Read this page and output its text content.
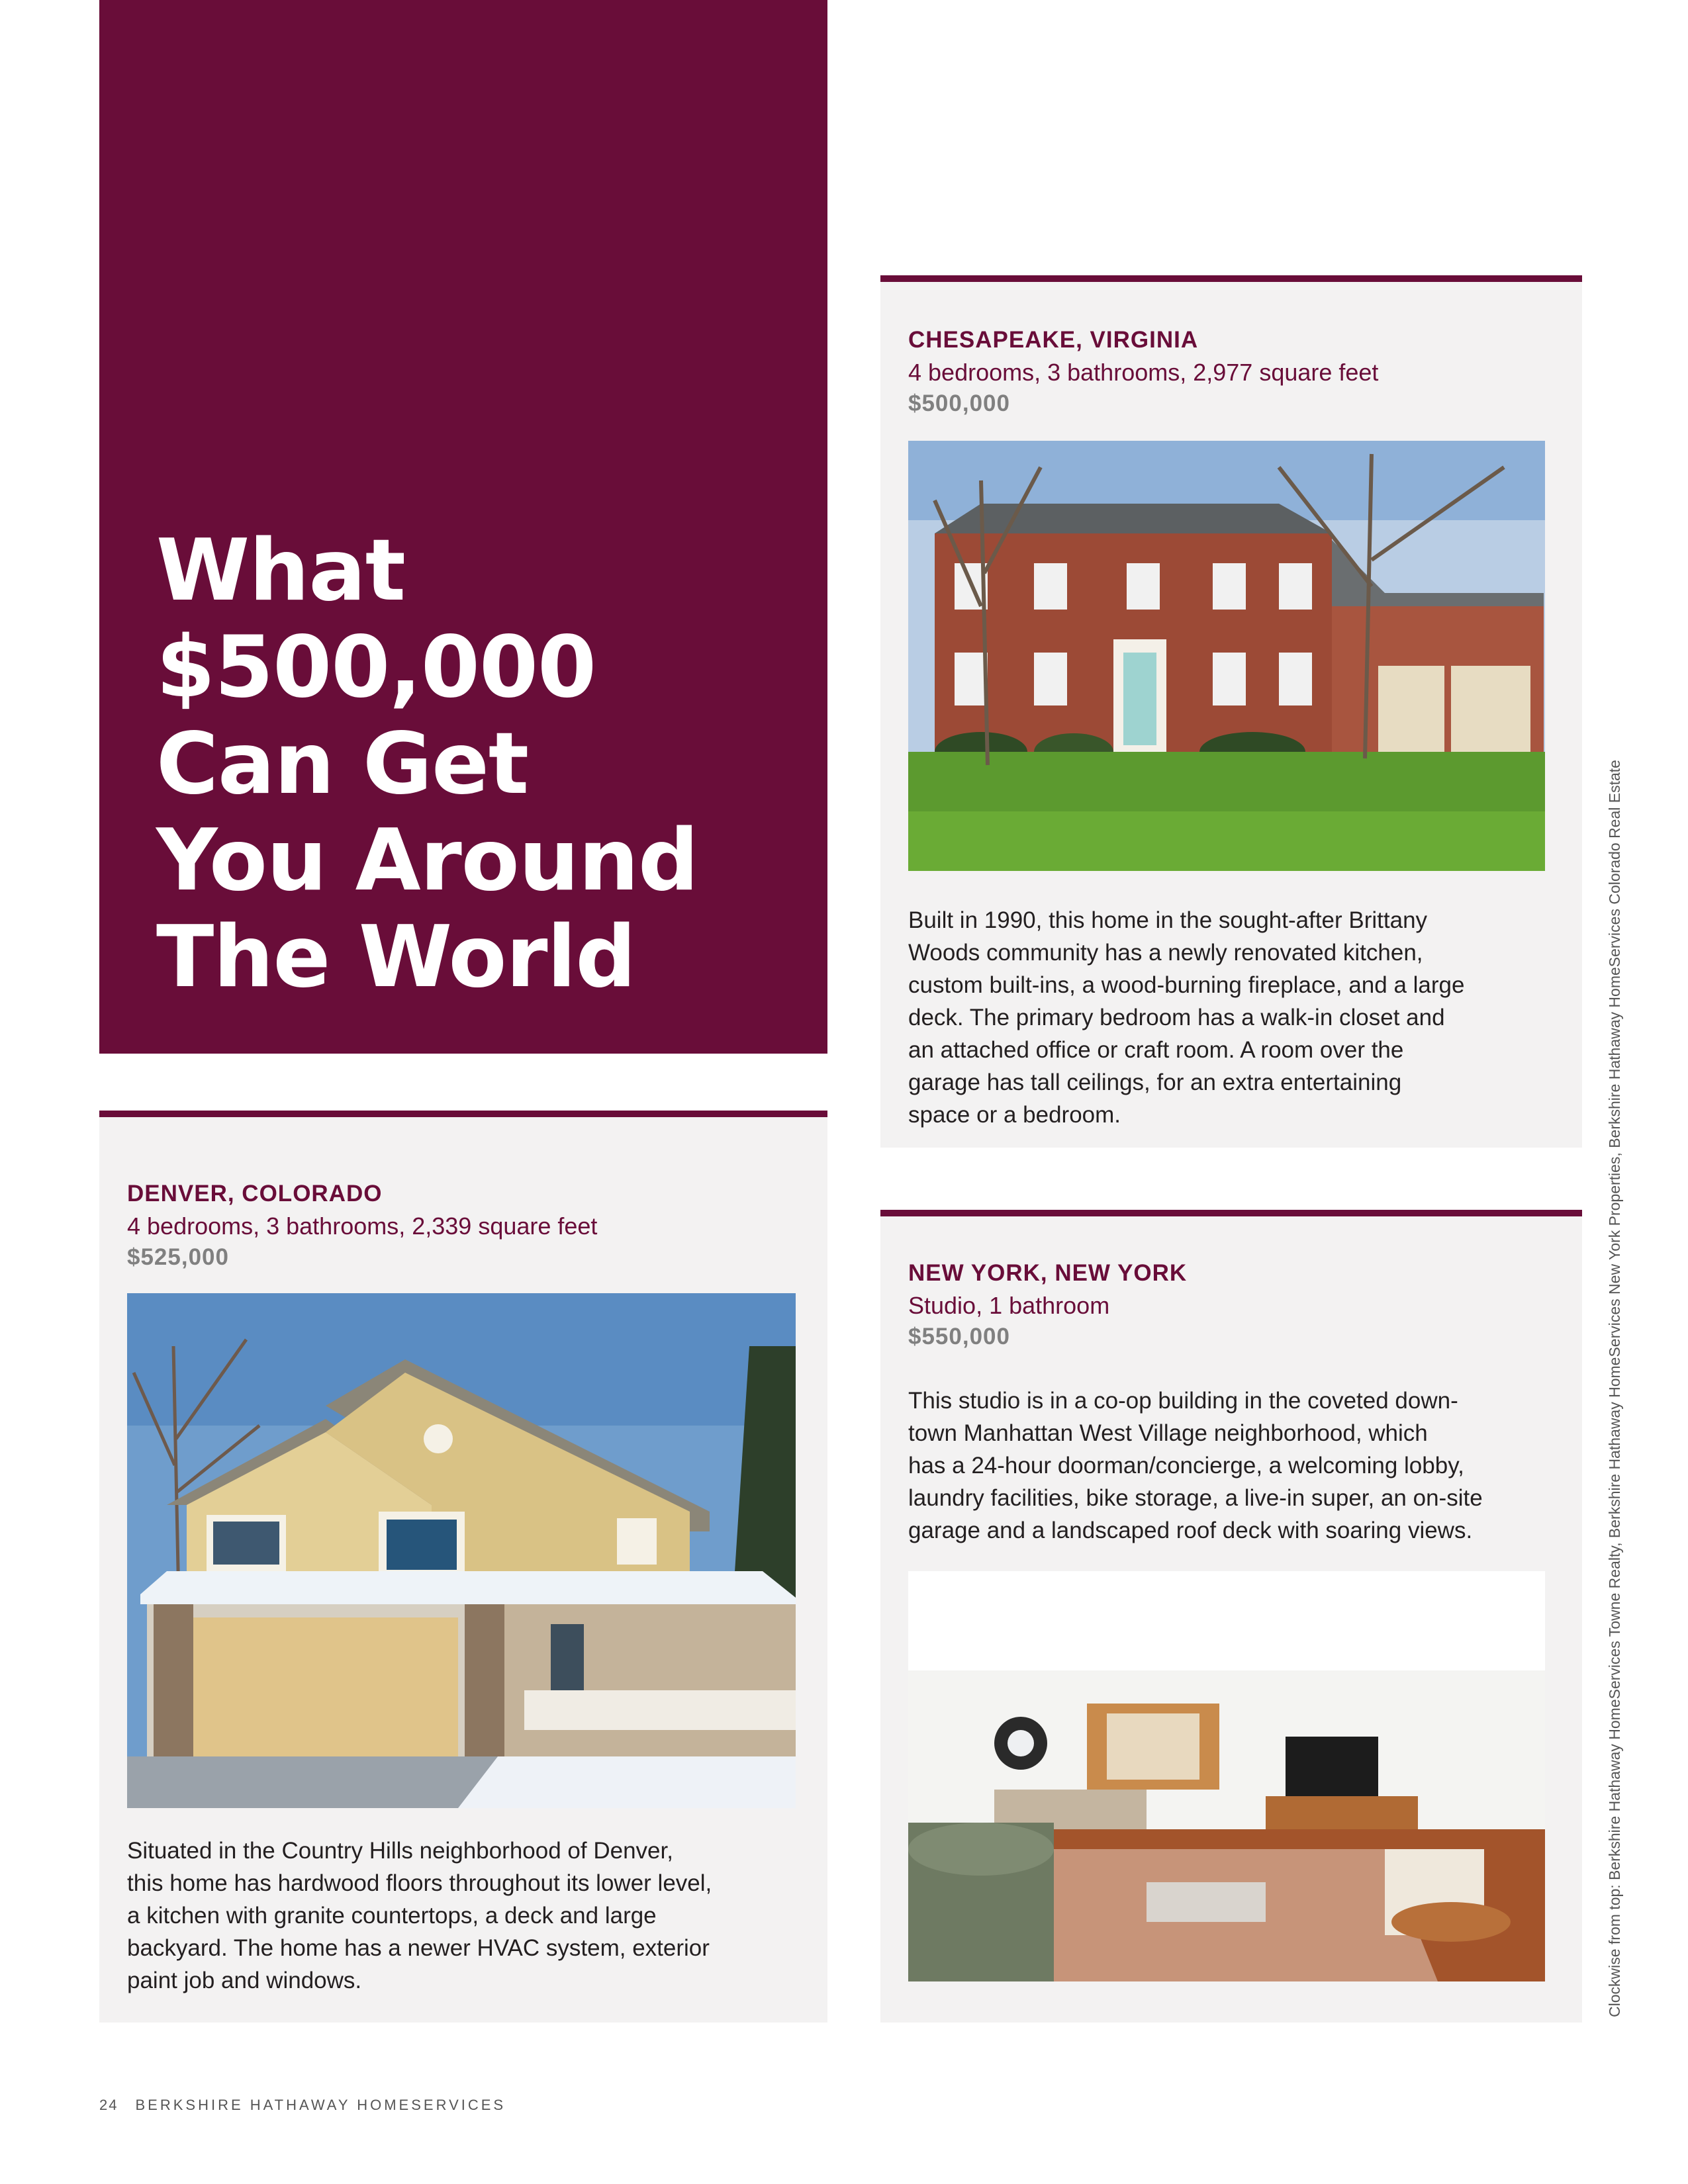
What
$500,000
Can Get
You Around
The World
CHESAPEAKE, VIRGINIA
4 bedrooms, 3 bathrooms, 2,977 square feet
$500,000
Built in 1990, this home in the sought-after Brittany
Woods community has a newly renovated kitchen,
custom built-ins, a wood-burning fireplace, and a large
deck. The primary bedroom has a walk-in closet and
an attached office or craft room. A room over the
garage has tall ceilings, for an extra entertaining
space or a bedroom.
DENVER, COLORADO
4 bedrooms, 3 bathrooms, 2,339 square feet
$525,000
Situated in the Country Hills neighborhood of Denver,
this home has hardwood floors throughout its lower level,
a kitchen with granite countertops, a deck and large
backyard. The home has a newer HVAC system, exterior
paint job and windows.
NEW YORK, NEW YORK
Studio, 1 bathroom
$550,000
This studio is in a co-op building in the coveted down-
town Manhattan West Village neighborhood, which
has a 24-hour doorman/concierge, a welcoming lobby,
laundry facilities, bike storage, a live-in super, an on-site
garage and a landscaped roof deck with soaring views.	Clockwise from top: Berkshire Hathaway HomeServices Towne Realty, Berkshire Hathaway HomeServices New York Properties, Berkshire Hathaway HomeServices Colorado Real Estate
24 BERKSHIRE HATHAWAY HOMESERVICES
